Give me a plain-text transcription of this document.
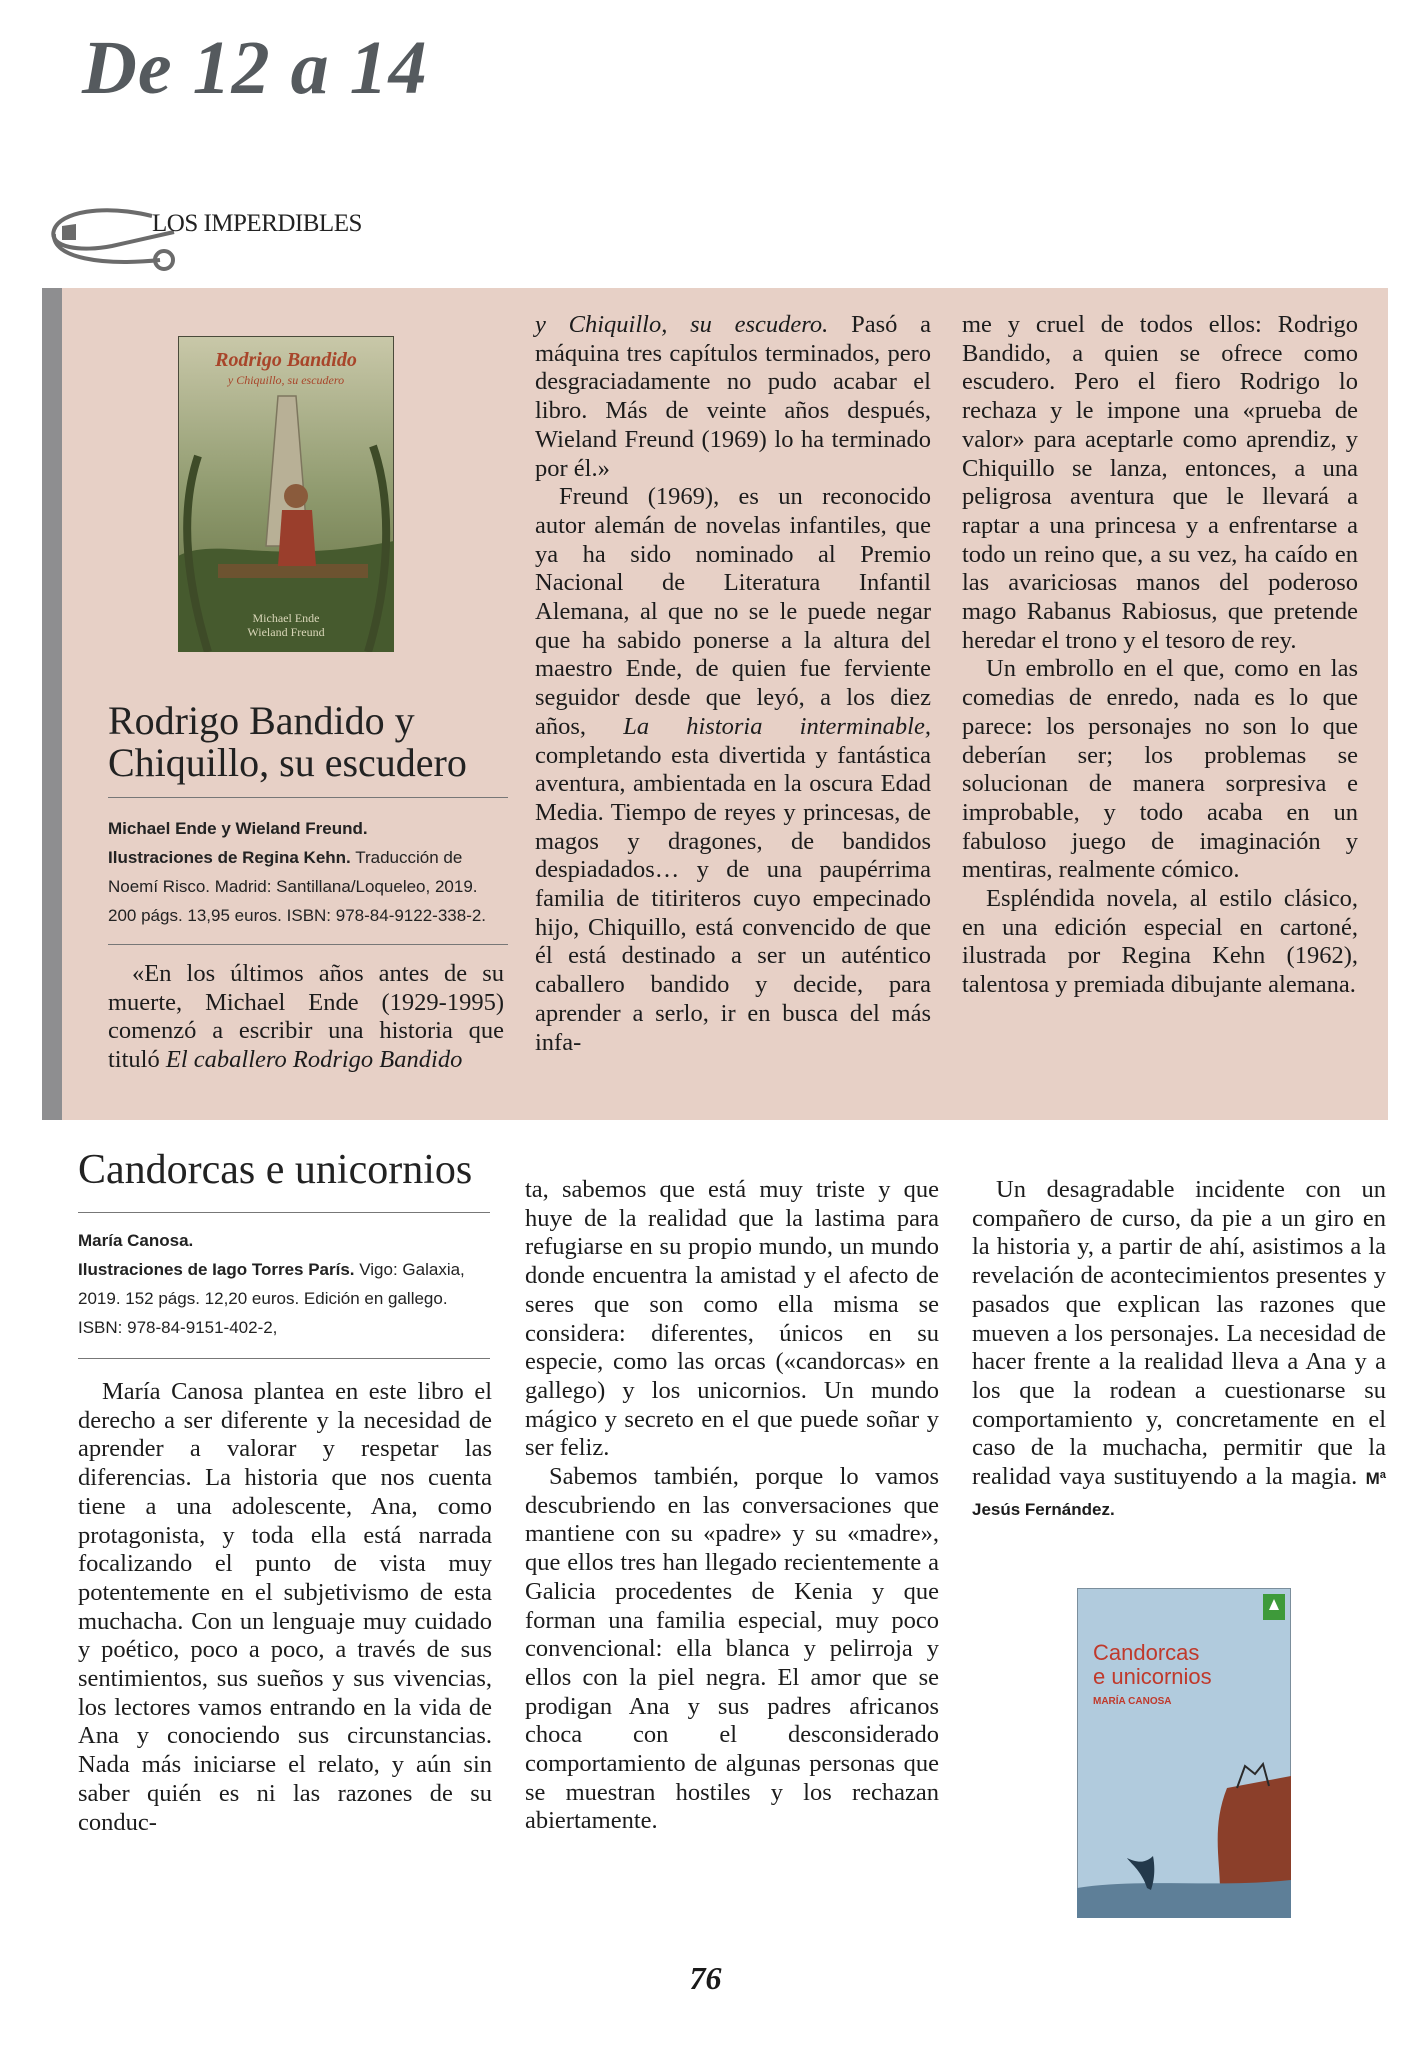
De 12 a 14
LOS IMPERDIBLES
Rodrigo Bandido
y Chiquillo, su escudero
Michael Ende
Wieland Freund
Rodrigo Bandido y
Chiquillo, su escudero
Michael Ende y Wieland Freund.
Ilustraciones de Regina Kehn. Traducción de
Noemí Risco. Madrid: Santillana/Loqueleo, 2019.
200 págs. 13,95 euros. ISBN: 978-84-9122-338-2.

«En los últimos años antes de su muerte, Michael Ende (1929-1995) comenzó a escribir una historia que tituló El caballero Rodrigo Bandido

y Chiquillo, su escudero. Pasó a máquina tres capítulos terminados, pero desgraciadamente no pudo acabar el libro. Más de veinte años después, Wieland Freund (1969) lo ha terminado por él.»

Freund (1969), es un reconocido autor alemán de novelas infantiles, que ya ha sido nominado al Premio Nacional de Literatura Infantil Alemana, al que no se le puede negar que ha sabido ponerse a la altura del maestro Ende, de quien fue ferviente seguidor desde que leyó, a los diez años, La historia interminable, completando esta divertida y fantástica aventura, ambientada en la oscura Edad Media. Tiempo de reyes y princesas, de magos y dragones, de bandidos despiadados… y de una paupérrima familia de titiriteros cuyo empecinado hijo, Chiquillo, está convencido de que él está destinado a ser un auténtico caballero bandido y decide, para aprender a serlo, ir en busca del más infa-

me y cruel de todos ellos: Rodrigo Bandido, a quien se ofrece como escudero. Pero el fiero Rodrigo lo rechaza y le impone una «prueba de valor» para aceptarle como aprendiz, y Chiquillo se lanza, entonces, a una peligrosa aventura que le llevará a raptar a una princesa y a enfrentarse a todo un reino que, a su vez, ha caído en las avariciosas manos del poderoso mago Rabanus Rabiosus, que pretende heredar el trono y el tesoro de rey.

Un embrollo en el que, como en las comedias de enredo, nada es lo que parece: los personajes no son lo que deberían ser; los problemas se solucionan de manera sorpresiva e improbable, y todo acaba en un fabuloso juego de imaginación y mentiras, realmente cómico.

Espléndida novela, al estilo clásico, en una edición especial en cartoné, ilustrada por Regina Kehn (1962), talentosa y premiada dibujante alemana.

Candorcas e unicornios
María Canosa.
Ilustraciones de Iago Torres París. Vigo: Galaxia,
2019. 152 págs. 12,20 euros. Edición en gallego.
ISBN: 978-84-9151-402-2,

María Canosa plantea en este libro el derecho a ser diferente y la necesidad de aprender a valorar y respetar las diferencias. La historia que nos cuenta tiene a una adolescente, Ana, como protagonista, y toda ella está narrada focalizando el punto de vista muy potentemente en el subjetivismo de esta muchacha. Con un lenguaje muy cuidado y poético, poco a poco, a través de sus sentimientos, sus sueños y sus vivencias, los lectores vamos entrando en la vida de Ana y conociendo sus circunstancias. Nada más iniciarse el relato, y aún sin saber quién es ni las razones de su conduc-

ta, sabemos que está muy triste y que huye de la realidad que la lastima para refugiarse en su propio mundo, un mundo donde encuentra la amistad y el afecto de seres que son como ella misma se considera: diferentes, únicos en su especie, como las orcas («candorcas» en gallego) y los unicornios. Un mundo mágico y secreto en el que puede soñar y ser feliz.

Sabemos también, porque lo vamos descubriendo en las conversaciones que mantiene con su «padre» y su «madre», que ellos tres han llegado recientemente a Galicia procedentes de Kenia y que forman una familia especial, muy poco convencional: ella blanca y pelirroja y ellos con la piel negra. El amor que se prodigan Ana y sus padres africanos choca con el desconsiderado comportamiento de algunas personas que se muestran hostiles y los rechazan abiertamente.

Un desagradable incidente con un compañero de curso, da pie a un giro en la historia y, a partir de ahí, asistimos a la revelación de acontecimientos presentes y pasados que explican las razones que mueven a los personajes. La necesidad de hacer frente a la realidad lleva a Ana y a los que la rodean a cuestionarse su comportamiento y, concretamente en el caso de la muchacha, permitir que la realidad vaya sustituyendo a la magia. Mª Jesús Fernández.

Candorcas
e unicornios
MARÍA CANOSA
76
